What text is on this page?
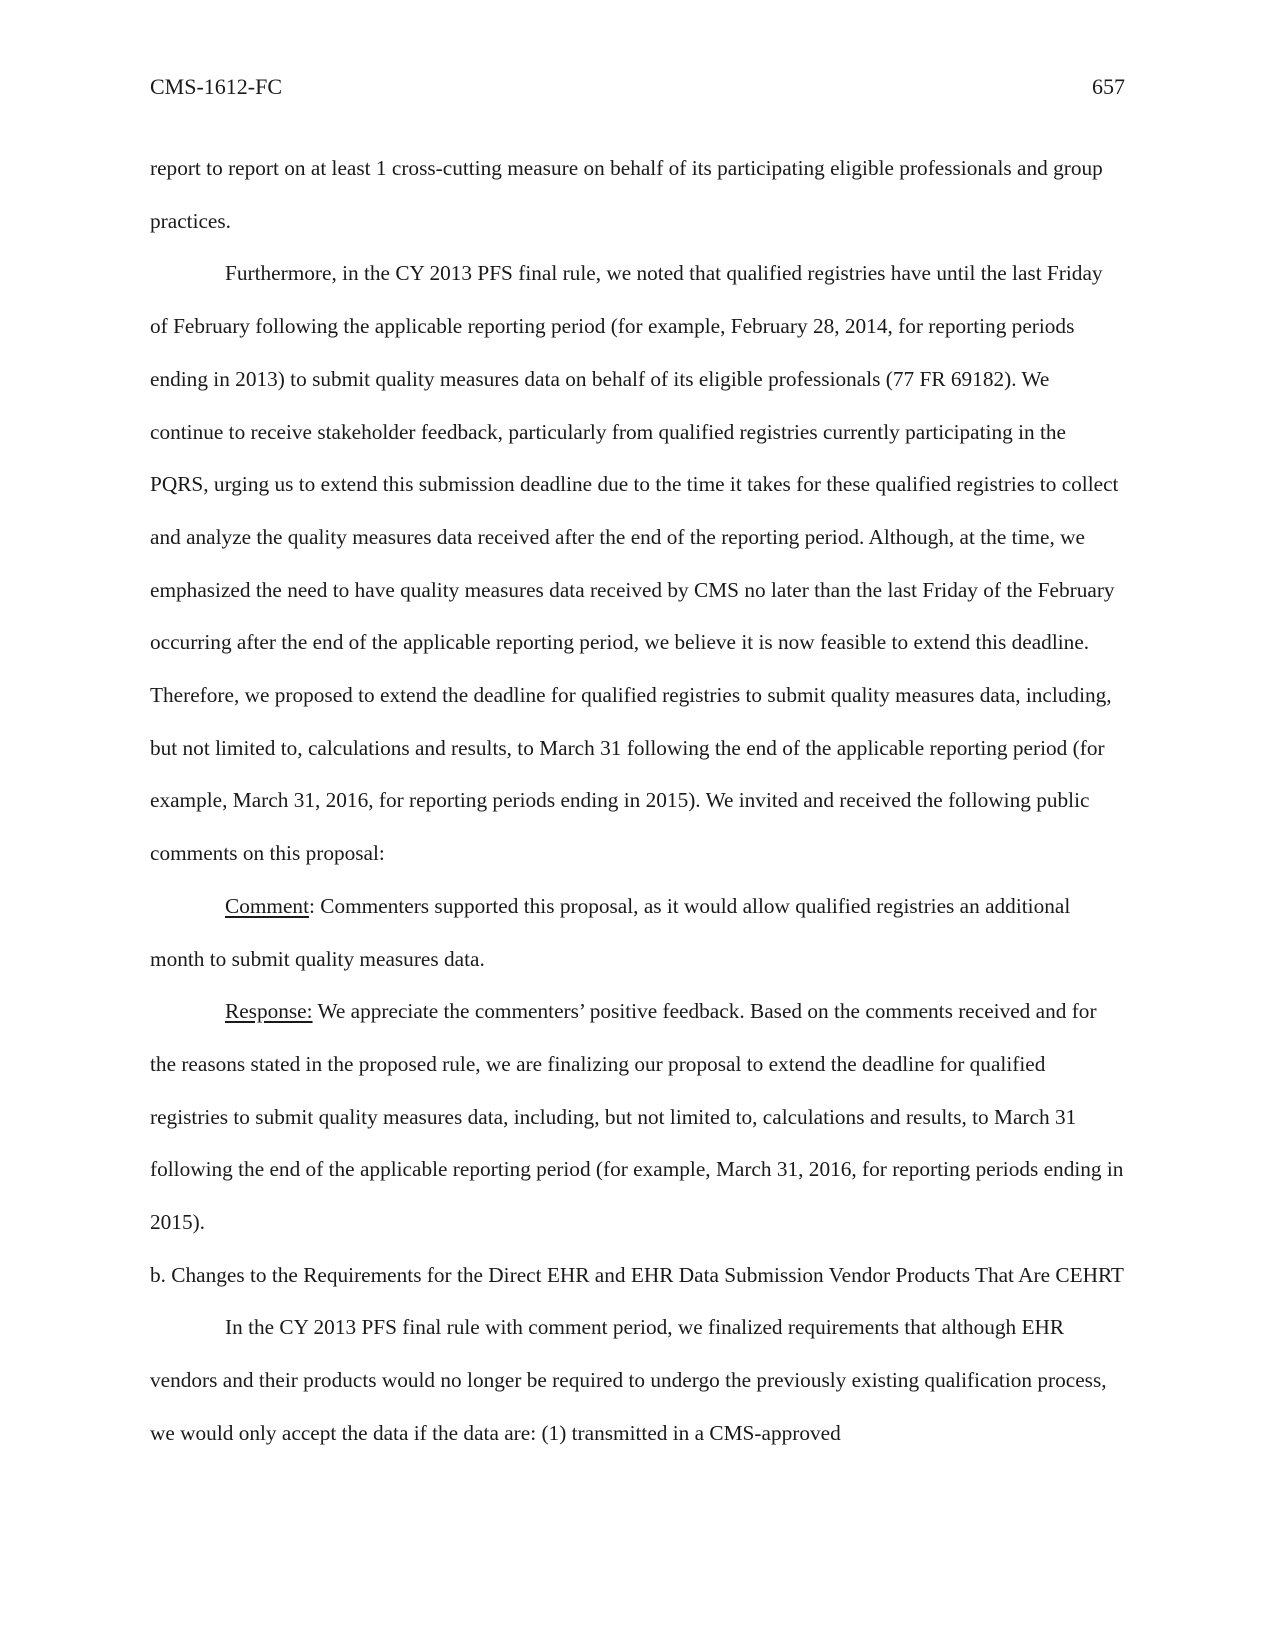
CMS-1612-FC	657

report to report on at least 1 cross-cutting measure on behalf of its participating eligible professionals and group practices.

Furthermore, in the CY 2013 PFS final rule, we noted that qualified registries have until the last Friday of February following the applicable reporting period (for example, February 28, 2014, for reporting periods ending in 2013) to submit quality measures data on behalf of its eligible professionals (77 FR 69182). We continue to receive stakeholder feedback, particularly from qualified registries currently participating in the PQRS, urging us to extend this submission deadline due to the time it takes for these qualified registries to collect and analyze the quality measures data received after the end of the reporting period. Although, at the time, we emphasized the need to have quality measures data received by CMS no later than the last Friday of the February occurring after the end of the applicable reporting period, we believe it is now feasible to extend this deadline. Therefore, we proposed to extend the deadline for qualified registries to submit quality measures data, including, but not limited to, calculations and results, to March 31 following the end of the applicable reporting period (for example, March 31, 2016, for reporting periods ending in 2015). We invited and received the following public comments on this proposal:

Comment: Commenters supported this proposal, as it would allow qualified registries an additional month to submit quality measures data.

Response: We appreciate the commenters’ positive feedback. Based on the comments received and for the reasons stated in the proposed rule, we are finalizing our proposal to extend the deadline for qualified registries to submit quality measures data, including, but not limited to, calculations and results, to March 31 following the end of the applicable reporting period (for example, March 31, 2016, for reporting periods ending in 2015).

b. Changes to the Requirements for the Direct EHR and EHR Data Submission Vendor Products That Are CEHRT

In the CY 2013 PFS final rule with comment period, we finalized requirements that although EHR vendors and their products would no longer be required to undergo the previously existing qualification process, we would only accept the data if the data are: (1) transmitted in a CMS-approved
